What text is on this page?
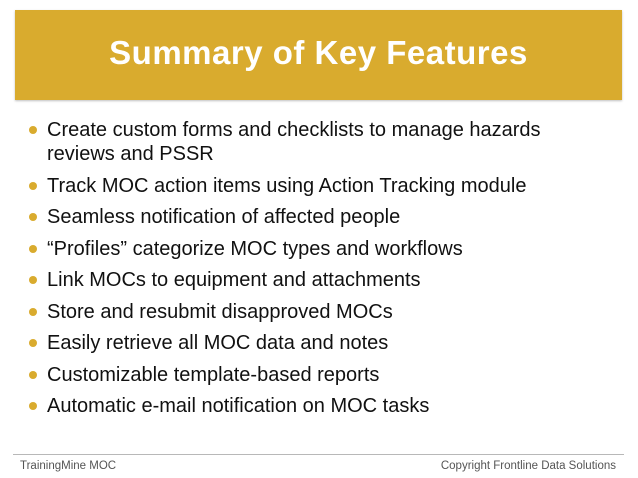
Summary of Key Features
Create custom forms and checklists to manage hazards reviews and PSSR
Track MOC action items using Action Tracking module
Seamless notification of affected people
“Profiles” categorize MOC types and workflows
Link MOCs to equipment and attachments
Store and resubmit disapproved MOCs
Easily retrieve all MOC data and notes
Customizable template-based reports
Automatic e-mail notification on MOC tasks
TrainingMine MOC	Copyright Frontline Data Solutions
